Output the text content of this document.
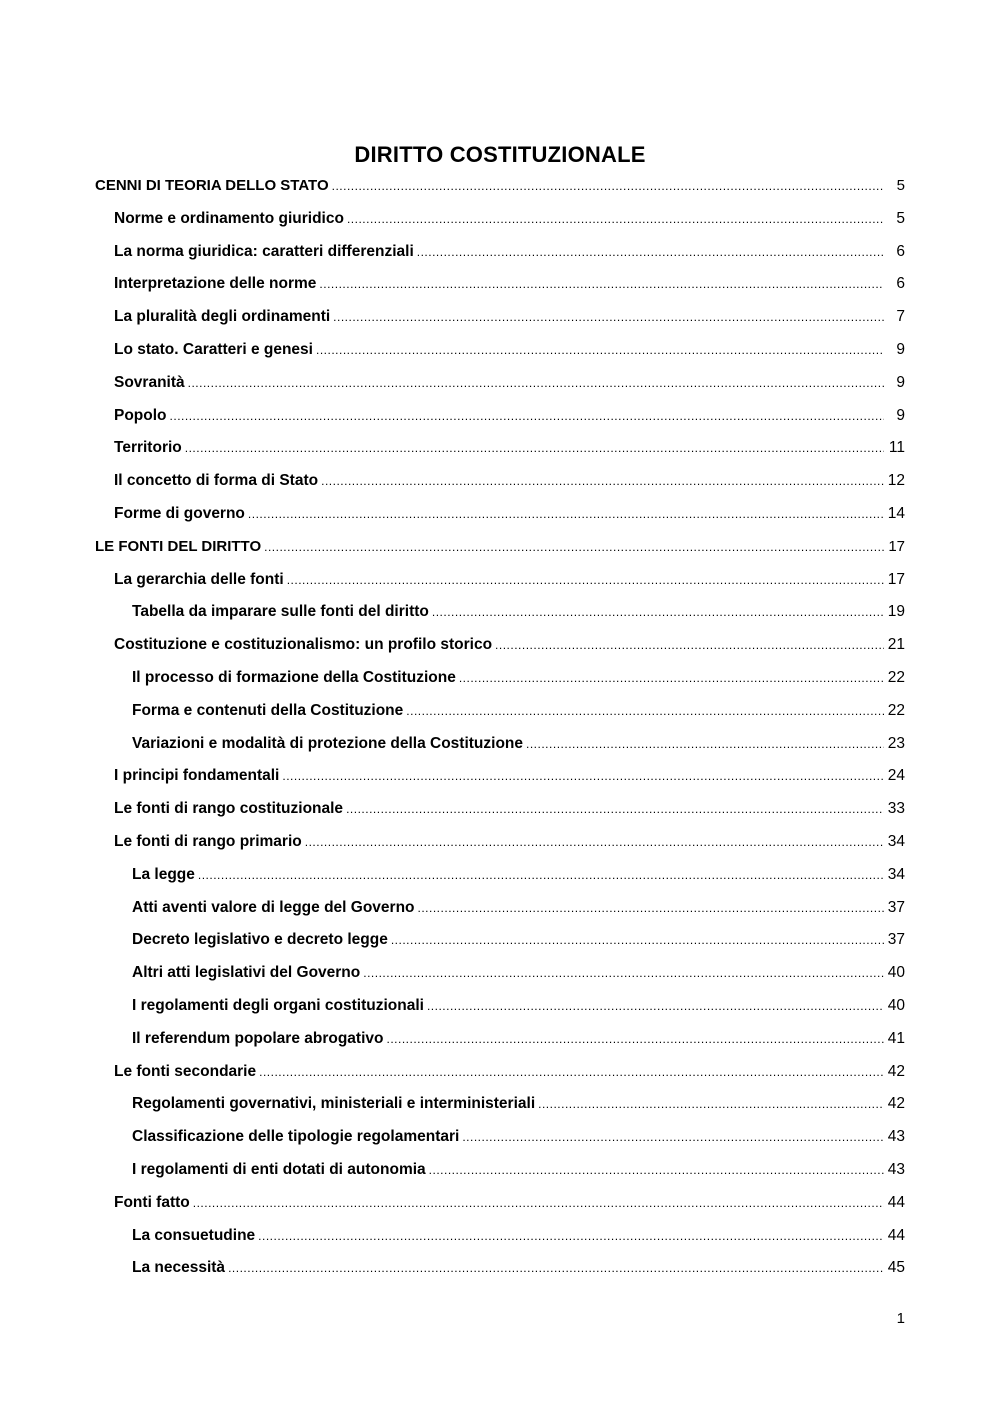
DIRITTO COSTITUZIONALE
CENNI DI TEORIA DELLO STATO .....	5
Norme e ordinamento giuridico .....	5
La norma giuridica: caratteri differenziali .....	6
Interpretazione delle norme .....	6
La pluralità degli ordinamenti .....	7
Lo stato. Caratteri e genesi .....	9
Sovranità .....	9
Popolo .....	9
Territorio .....	11
Il concetto di forma di Stato .....	12
Forme di governo .....	14
LE FONTI DEL DIRITTO .....	17
La gerarchia delle fonti .....	17
Tabella da imparare sulle fonti del diritto .....	19
Costituzione e costituzionalismo: un profilo storico .....	21
Il processo di formazione della Costituzione .....	22
Forma e contenuti della Costituzione .....	22
Variazioni e modalità di protezione della Costituzione .....	23
I principi fondamentali .....	24
Le fonti di rango costituzionale .....	33
Le fonti di rango primario .....	34
La legge .....	34
Atti aventi valore di legge del Governo .....	37
Decreto legislativo e decreto legge .....	37
Altri atti legislativi del Governo .....	40
I regolamenti degli organi costituzionali .....	40
Il referendum popolare abrogativo .....	41
Le fonti secondarie .....	42
Regolamenti governativi, ministeriali e interministeriali .....	42
Classificazione delle tipologie regolamentari .....	43
I regolamenti di enti dotati di autonomia .....	43
Fonti fatto .....	44
La consuetudine .....	44
La necessità .....	45
1
